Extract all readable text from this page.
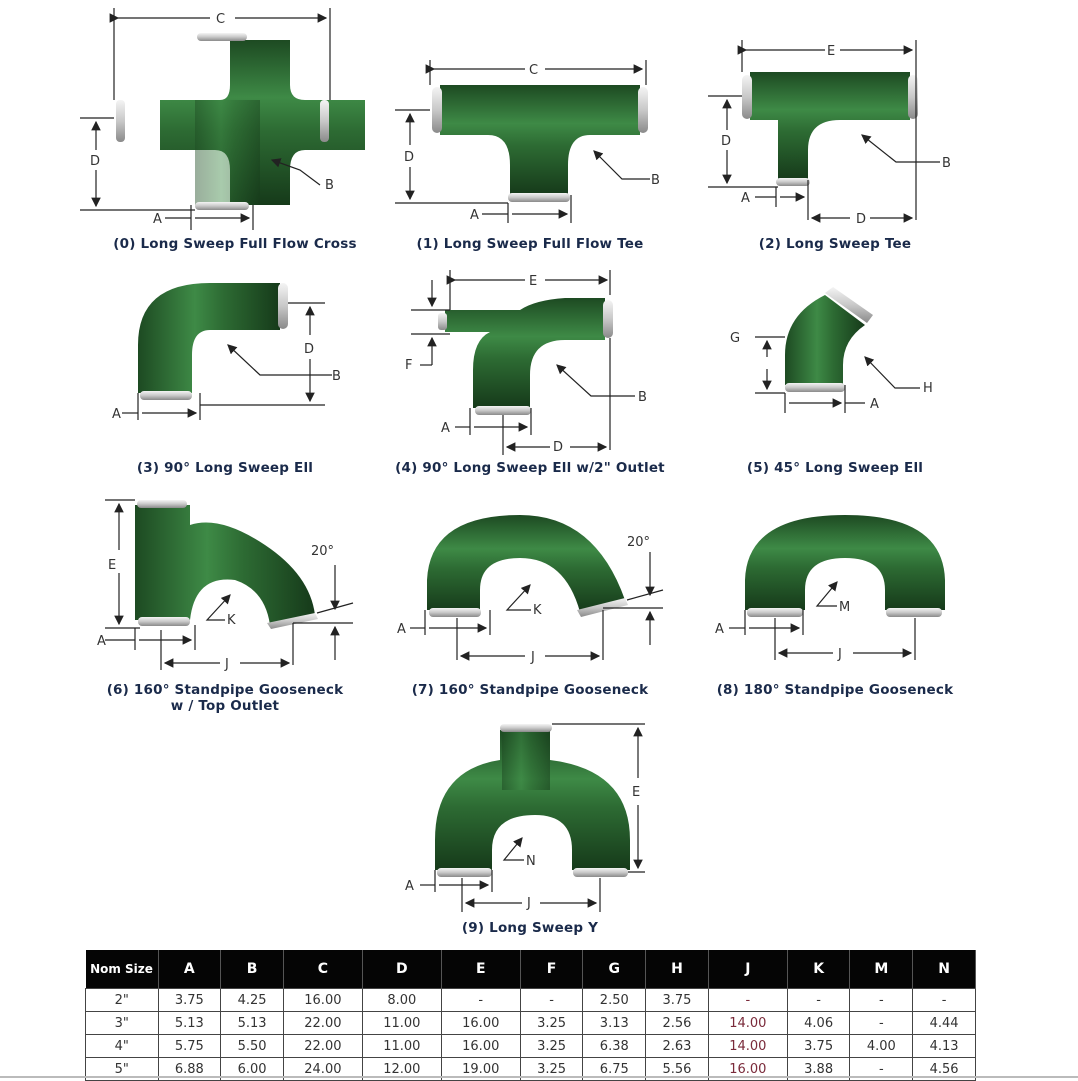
C
D
A
B
(0) Long Sweep Full Flow Cross
C
D
A
B
(1) Long Sweep Full Flow Tee
E
D
A
D
B
(2) Long Sweep Tee
D
A
B
(3) 90° Long Sweep Ell
E
F
A
D
B
(4) 90° Long Sweep Ell w/2" Outlet
G
A
H
(5) 45° Long Sweep Ell
E
A
J
20°
K
(6) 160° Standpipe Gooseneck
w / Top Outlet
A
J
20°
K
(7) 160° Standpipe Gooseneck
A
J
M
(8) 180° Standpipe Gooseneck
E
A
J
N
(9) Long Sweep Y
Nom Size	A	B	C	D	E	F	G	H	J	K	M	N
2"	3.75	4.25	16.00	8.00	-	-	2.50	3.75	-	-	-	-
3"	5.13	5.13	22.00	11.00	16.00	3.25	3.13	2.56	14.00	4.06	-	4.44
4"	5.75	5.50	22.00	11.00	16.00	3.25	6.38	2.63	14.00	3.75	4.00	4.13
5"	6.88	6.00	24.00	12.00	19.00	3.25	6.75	5.56	16.00	3.88	-	4.56
